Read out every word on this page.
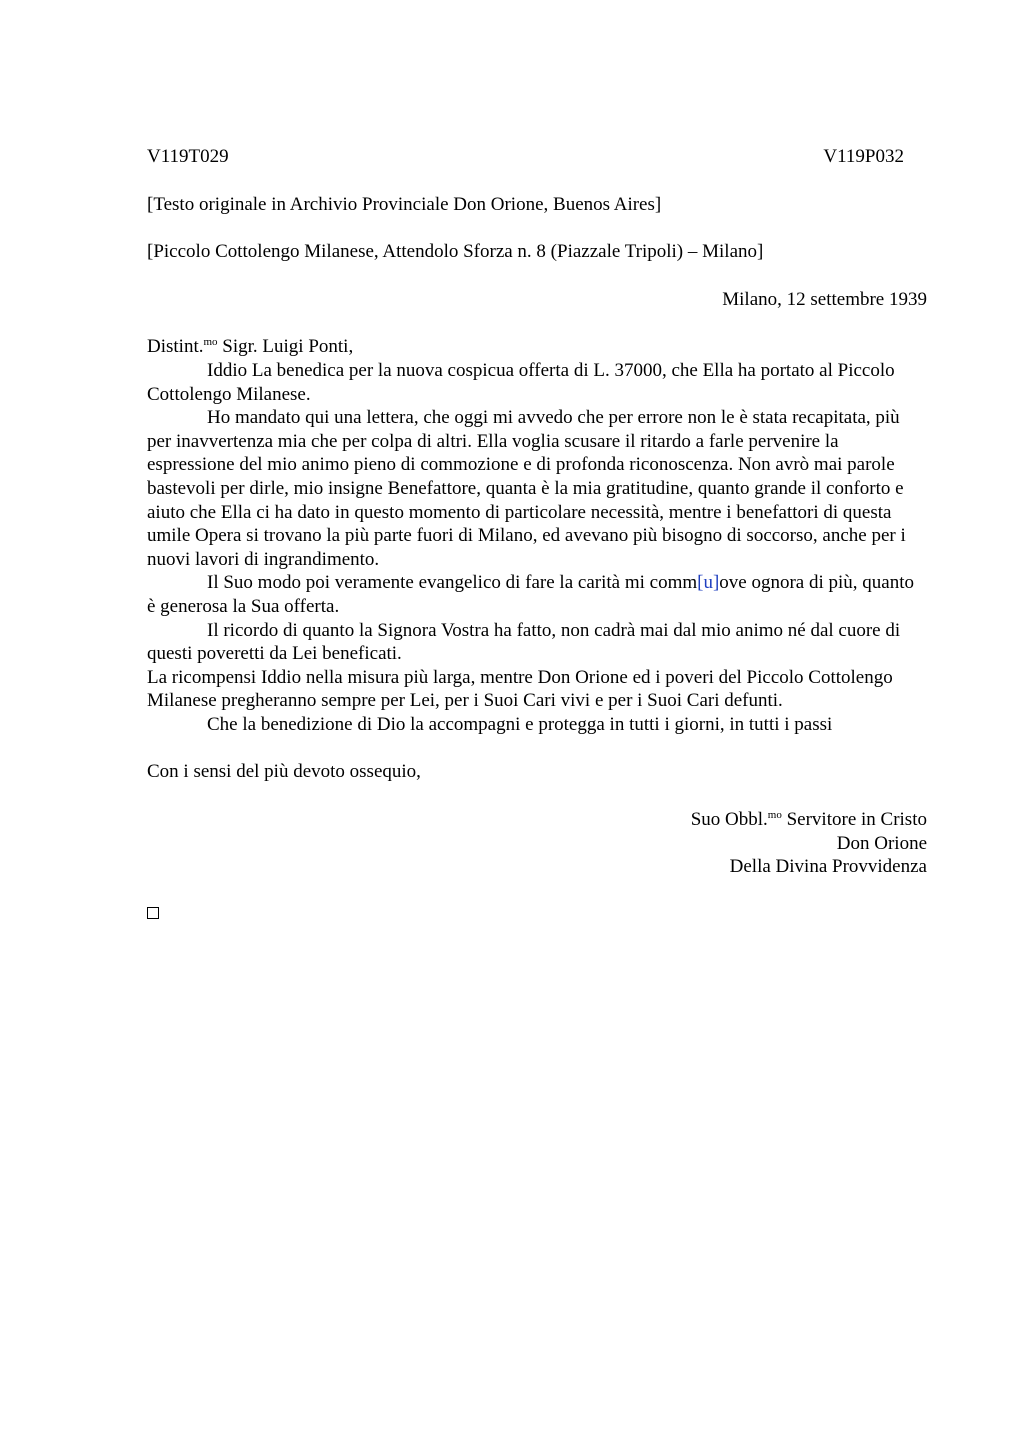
V119T029	V119P032
[Testo originale in Archivio Provinciale Don Orione, Buenos Aires]
[Piccolo Cottolengo Milanese, Attendolo Sforza n. 8 (Piazzale Tripoli) – Milano]
Milano, 12 settembre 1939
Distint.$^{mo}$ Sigr. Luigi Ponti,
Iddio La benedica per la nuova cospicua offerta di L. 37000, che Ella ha portato al Piccolo Cottolengo Milanese.
Ho mandato qui una lettera, che oggi mi avvedo che per errore non le è stata recapitata, più per inavvertenza mia che per colpa di altri. Ella voglia scusare il ritardo a farle pervenire la espressione del mio animo pieno di commozione e di profonda riconoscenza. Non avrò mai parole bastevoli per dirle, mio insigne Benefattore, quanta è la mia gratitudine, quanto grande il conforto e aiuto che Ella ci ha dato in questo momento di particolare necessità, mentre i benefattori di questa umile Opera si trovano la più parte fuori di Milano, ed avevano più bisogno di soccorso, anche per i nuovi lavori di ingrandimento.
Il Suo modo poi veramente evangelico di fare la carità mi comm[u]ove ognora di più, quanto è generosa la Sua offerta.
Il ricordo di quanto la Signora Vostra ha fatto, non cadrà mai dal mio animo né dal cuore di questi poveretti da Lei beneficati.
La ricompensi Iddio nella misura più larga, mentre Don Orione ed i poveri del Piccolo Cottolengo Milanese pregheranno sempre per Lei, per i Suoi Cari vivi e per i Suoi Cari defunti.
Che la benedizione di Dio la accompagni e protegga in tutti i giorni, in tutti i passi
Con i sensi del più devoto ossequio,
Suo Obbl.$^{mo}$ Servitore in Cristo
Don Orione
Della Divina Provvidenza
